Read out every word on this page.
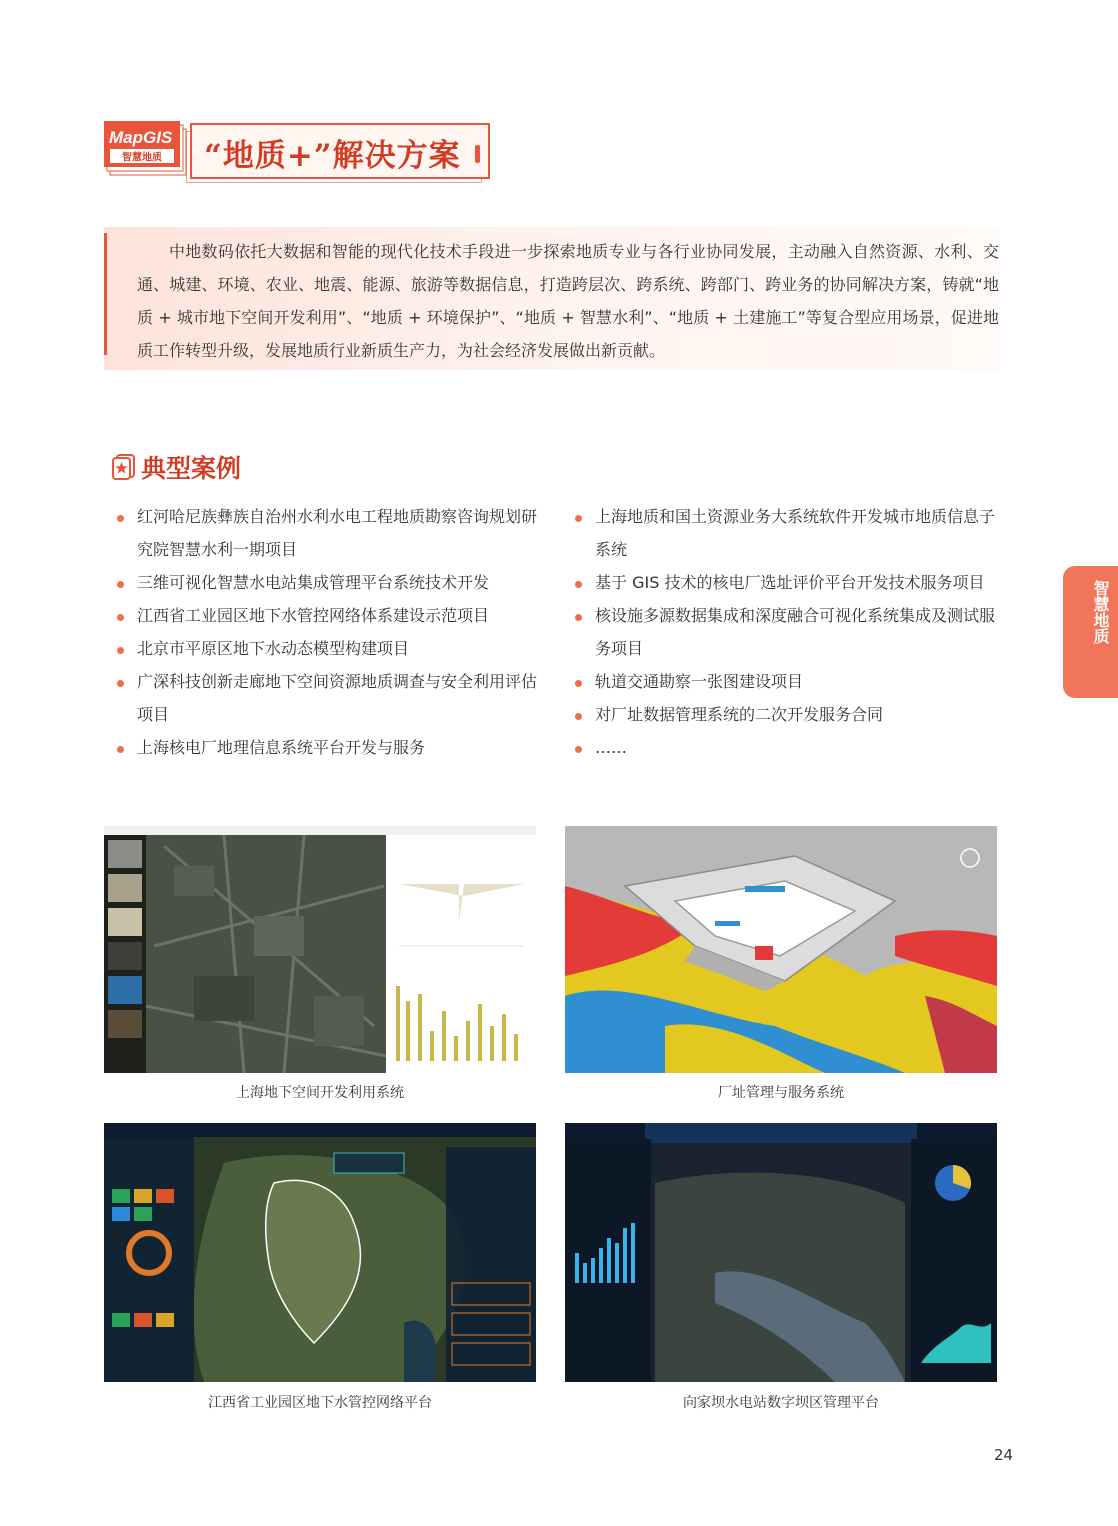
MapGIS
智慧地质 “地质+”解决方案
中地数码依托大数据和智能的现代化技术手段进一步探索地质专业与各行业协同发展，主动融入自然资源、水利、交通、城建、环境、农业、地震、能源、旅游等数据信息，打造跨层次、跨系统、跨部门、跨业务的协同解决方案，铸就“地质 + 城市地下空间开发利用”、“地质 + 环境保护”、“地质 + 智慧水利”、“地质 + 土建施工”等复合型应用场景，促进地质工作转型升级，发展地质行业新质生产力，为社会经济发展做出新贡献。
典型案例
红河哈尼族彝族自治州水利水电工程地质勘察咨询规划研究院智慧水利一期项目
三维可视化智慧水电站集成管理平台系统技术开发
江西省工业园区地下水管控网络体系建设示范项目
北京市平原区地下水动态模型构建项目
广深科技创新走廊地下空间资源地质调查与安全利用评估项目
上海核电厂地理信息系统平台开发与服务
上海地质和国土资源业务大系统软件开发城市地质信息子系统
基于 GIS 技术的核电厂选址评价平台开发技术服务项目
核设施多源数据集成和深度融合可视化系统集成及测试服务项目
轨道交通勘察一张图建设项目
对厂址数据管理系统的二次开发服务合同
……
智慧地质
上海地下空间开发利用系统	厂址管理与服务系统
江西省工业园区地下水管控网络平台	向家坝水电站数字坝区管理平台
24
